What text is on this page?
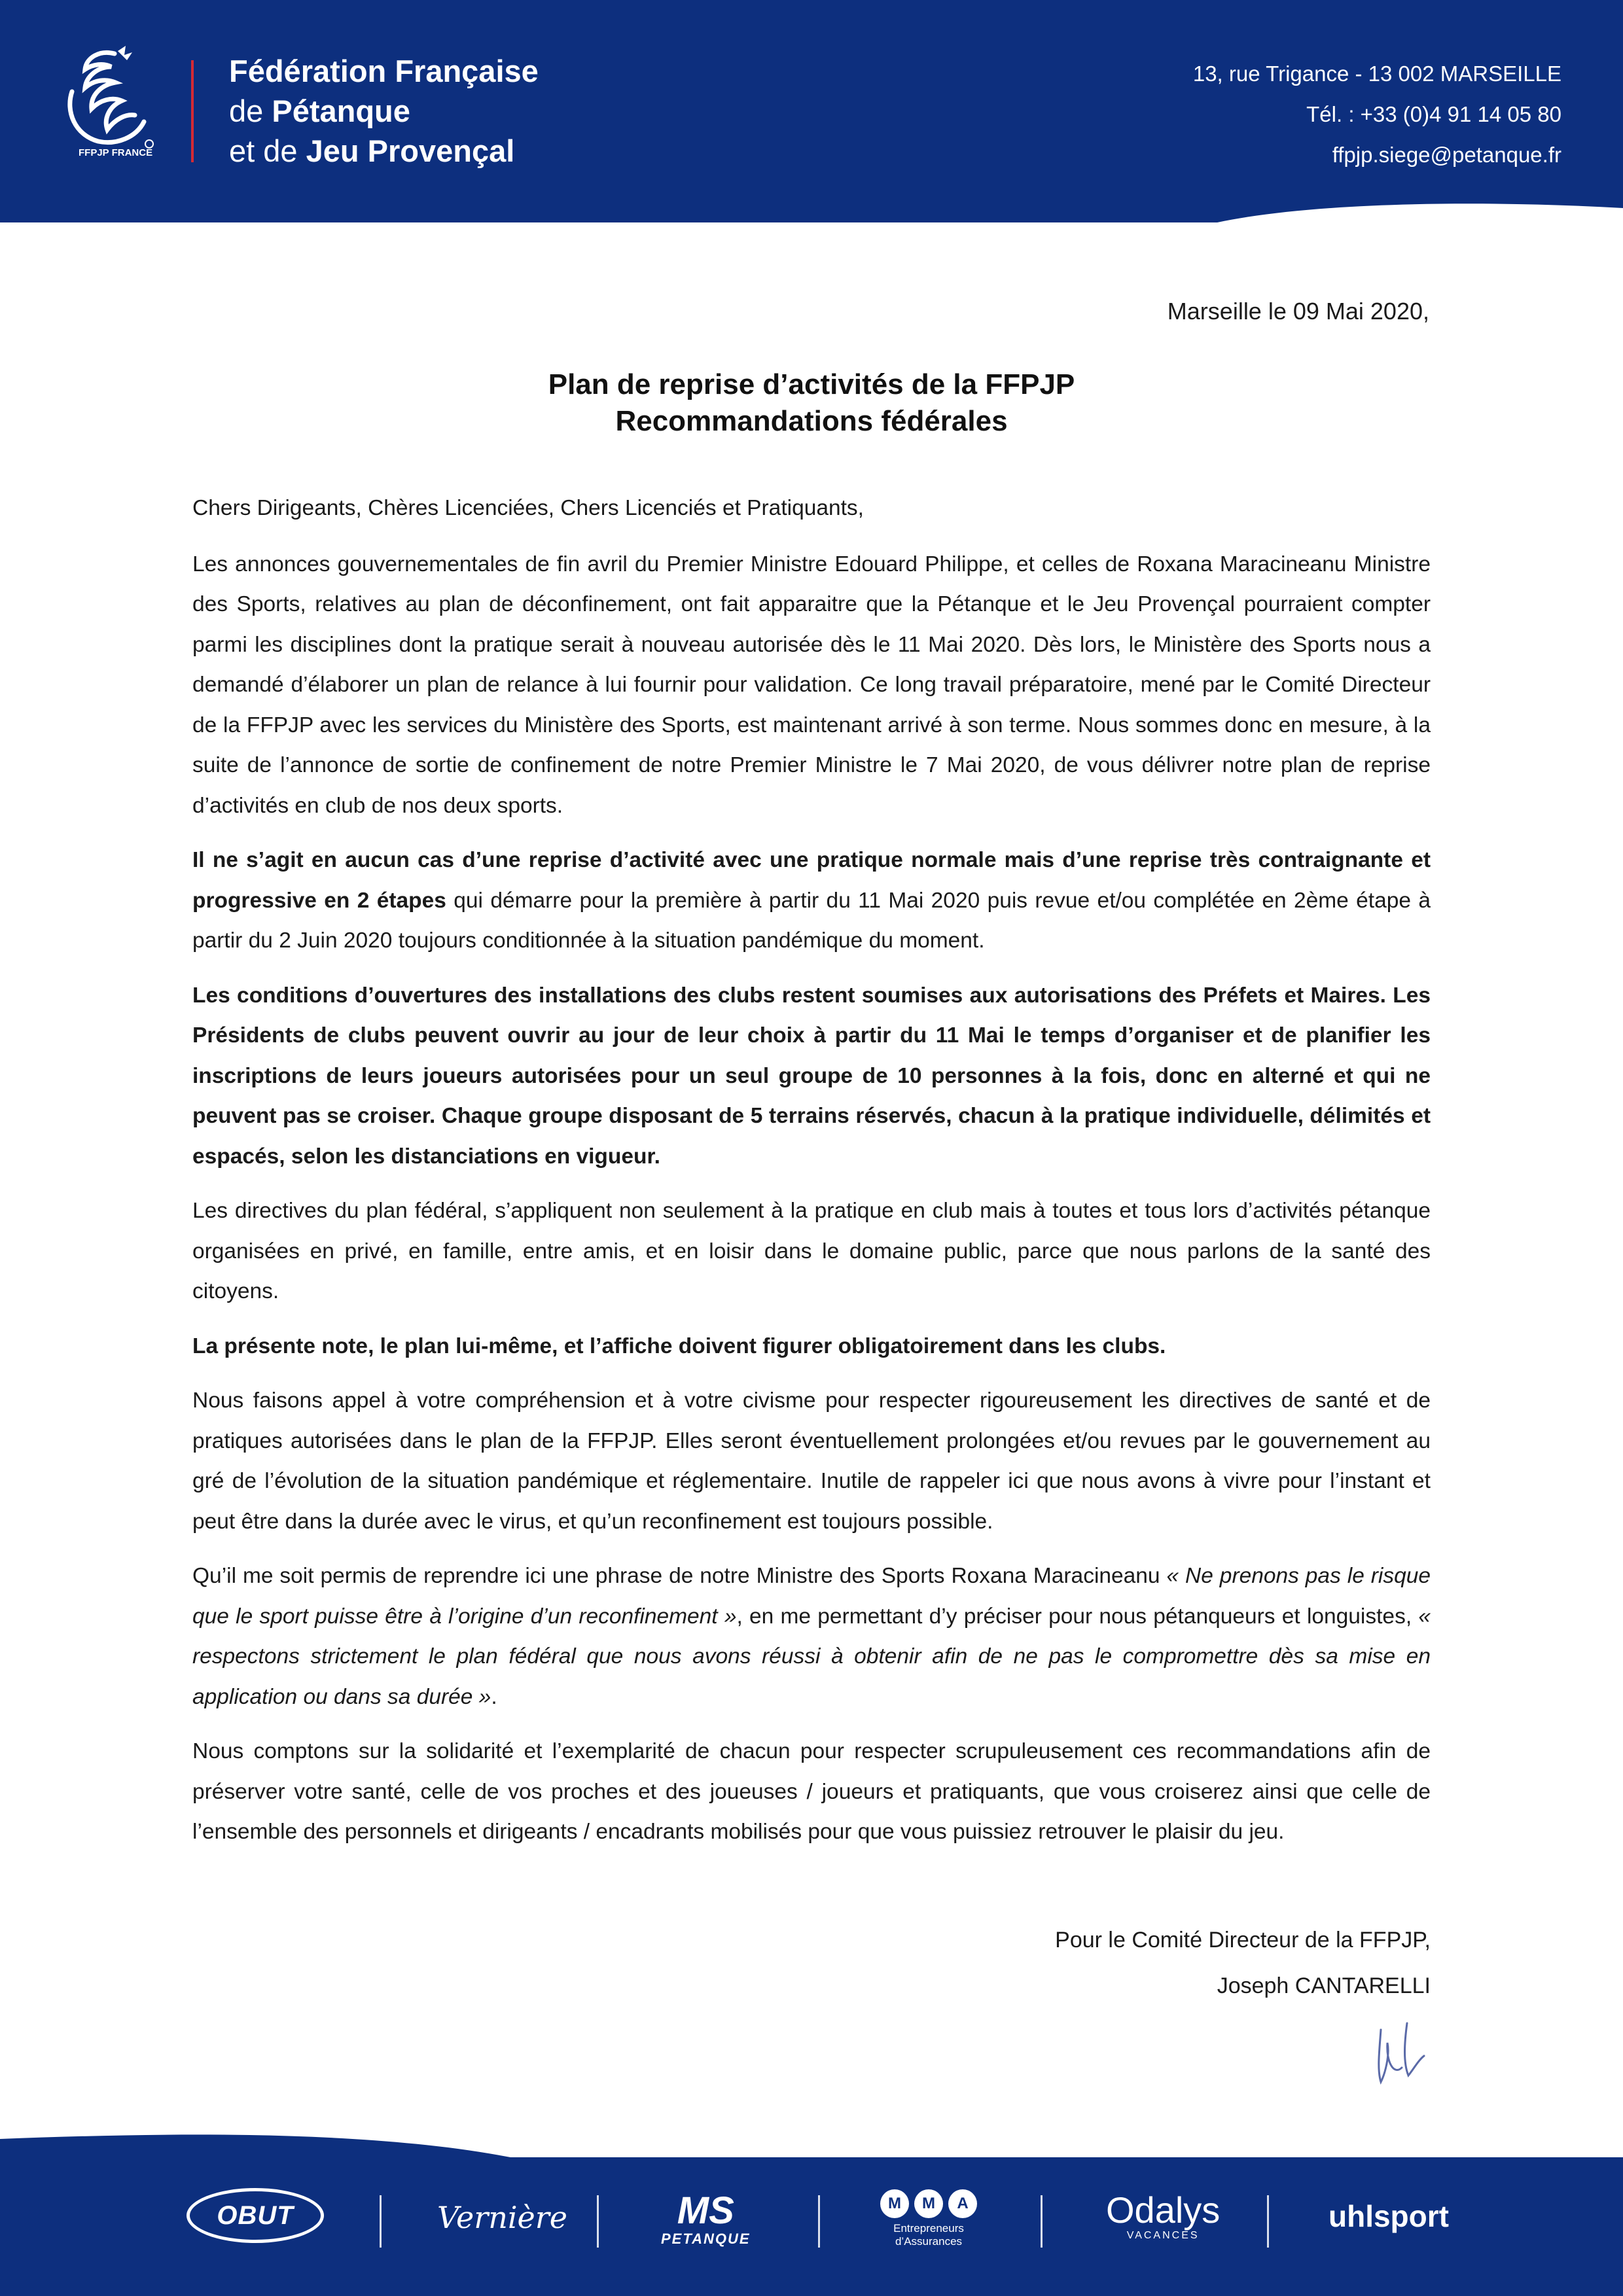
FFPJP FRANCE
Fédération Française
de Pétanque
et de Jeu Provençal
13, rue Trigance - 13 002 MARSEILLE
Tél. : +33 (0)4 91 14 05 80
ffpjp.siege@petanque.fr
Marseille le 09 Mai 2020,
Plan de reprise d’activités de la FFPJP
Recommandations fédérales

Chers Dirigeants, Chères Licenciées, Chers Licenciés et Pratiquants,

Les annonces gouvernementales de fin avril du Premier Ministre Edouard Philippe, et celles de Roxana Maracineanu Ministre des Sports, relatives au plan de déconfinement, ont fait apparaitre que la Pétanque et le Jeu Provençal pourraient compter parmi les disciplines dont la pratique serait à nouveau autorisée dès le 11 Mai 2020. Dès lors, le Ministère des Sports nous a demandé d’élaborer un plan de relance à lui fournir pour validation. Ce long travail préparatoire, mené par le Comité Directeur de la FFPJP avec les services du Ministère des Sports, est maintenant arrivé à son terme. Nous sommes donc en mesure, à la suite de l’annonce de sortie de confinement de notre Premier Ministre le 7 Mai 2020, de vous délivrer notre plan de reprise d’activités en club de nos deux sports.

Il ne s’agit en aucun cas d’une reprise d’activité avec une pratique normale mais d’une reprise très contraignante et progressive en 2 étapes qui démarre pour la première à partir du 11 Mai 2020 puis revue et/ou complétée en 2ème étape à partir du 2 Juin 2020 toujours conditionnée à la situation pandémique du moment.

Les conditions d’ouvertures des installations des clubs restent soumises aux autorisations des Préfets et Maires. Les Présidents de clubs peuvent ouvrir au jour de leur choix à partir du 11 Mai le temps d’organiser et de planifier les inscriptions de leurs joueurs autorisées pour un seul groupe de 10 personnes à la fois, donc en alterné et qui ne peuvent pas se croiser. Chaque groupe disposant de 5 terrains réservés, chacun à la pratique individuelle, délimités et espacés, selon les distanciations en vigueur.

Les directives du plan fédéral, s’appliquent non seulement à la pratique en club mais à toutes et tous lors d’activités pétanque organisées en privé, en famille, entre amis, et en loisir dans le domaine public, parce que nous parlons de la santé des citoyens.

La présente note, le plan lui-même, et l’affiche doivent figurer obligatoirement dans les clubs.

Nous faisons appel à votre compréhension et à votre civisme pour respecter rigoureusement les directives de santé et de pratiques autorisées dans le plan de la FFPJP. Elles seront éventuellement prolongées et/ou revues par le gouvernement au gré de l’évolution de la situation pandémique et réglementaire. Inutile de rappeler ici que nous avons à vivre pour l’instant et peut être dans la durée avec le virus, et qu’un reconfinement est toujours possible.

Qu’il me soit permis de reprendre ici une phrase de notre Ministre des Sports Roxana Maracineanu « Ne prenons pas le risque que le sport puisse être à l’origine d’un reconfinement », en me permettant d’y préciser pour nous pétanqueurs et longuistes, « respectons strictement le plan fédéral que nous avons réussi à obtenir afin de ne pas le compromettre dès sa mise en application ou dans sa durée ».

Nous comptons sur la solidarité et l’exemplarité de chacun pour respecter scrupuleusement ces recommandations afin de préserver votre santé, celle de vos proches et des joueuses / joueurs et pratiquants, que vous croiserez ainsi que celle de l’ensemble des personnels et dirigeants / encadrants mobilisés pour que vous puissiez retrouver le plaisir du jeu.

Pour le Comité Directeur de la FFPJP,
Joseph CANTARELLI
OBUT	Vernière	MS
PETANQUE
M	M	A
Entrepreneurs
d’Assurances
Odalys
VACANCES
uhlsport
